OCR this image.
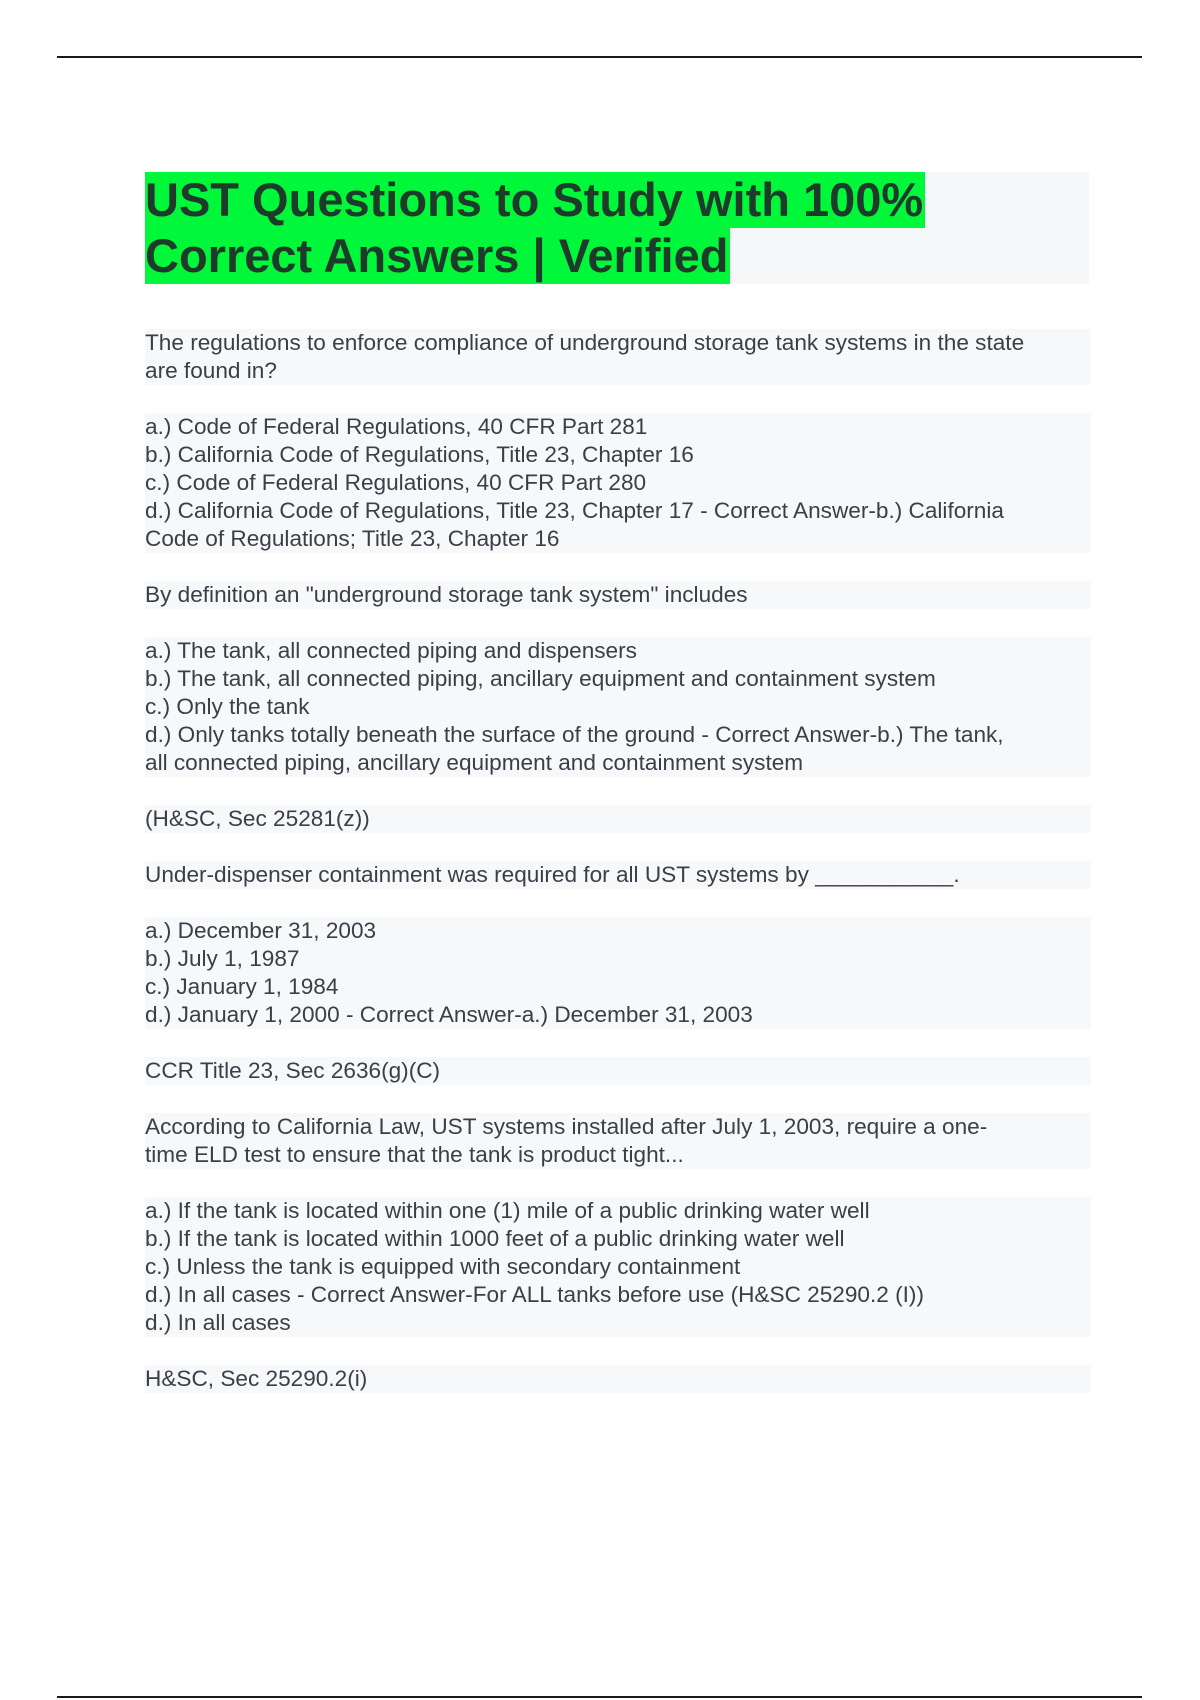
UST Questions to Study with 100%
Correct Answers | Verified
The regulations to enforce compliance of underground storage tank systems in the state
are found in?
a.) Code of Federal Regulations, 40 CFR Part 281
b.) California Code of Regulations, Title 23, Chapter 16
c.) Code of Federal Regulations, 40 CFR Part 280
d.) California Code of Regulations, Title 23, Chapter 17 - Correct Answer-b.) California
Code of Regulations; Title 23, Chapter 16
By definition an "underground storage tank system" includes
a.) The tank, all connected piping and dispensers
b.) The tank, all connected piping, ancillary equipment and containment system
c.) Only the tank
d.) Only tanks totally beneath the surface of the ground - Correct Answer-b.) The tank,
all connected piping, ancillary equipment and containment system
(H&SC, Sec 25281(z))
Under-dispenser containment was required for all UST systems by ___________.
a.) December 31, 2003
b.) July 1, 1987
c.) January 1, 1984
d.) January 1, 2000 - Correct Answer-a.) December 31, 2003
CCR Title 23, Sec 2636(g)(C)
According to California Law, UST systems installed after July 1, 2003, require a one-
time ELD test to ensure that the tank is product tight...
a.) If the tank is located within one (1) mile of a public drinking water well
b.) If the tank is located within 1000 feet of a public drinking water well
c.) Unless the tank is equipped with secondary containment
d.) In all cases - Correct Answer-For ALL tanks before use (H&SC 25290.2 (I))
d.) In all cases
H&SC, Sec 25290.2(i)
